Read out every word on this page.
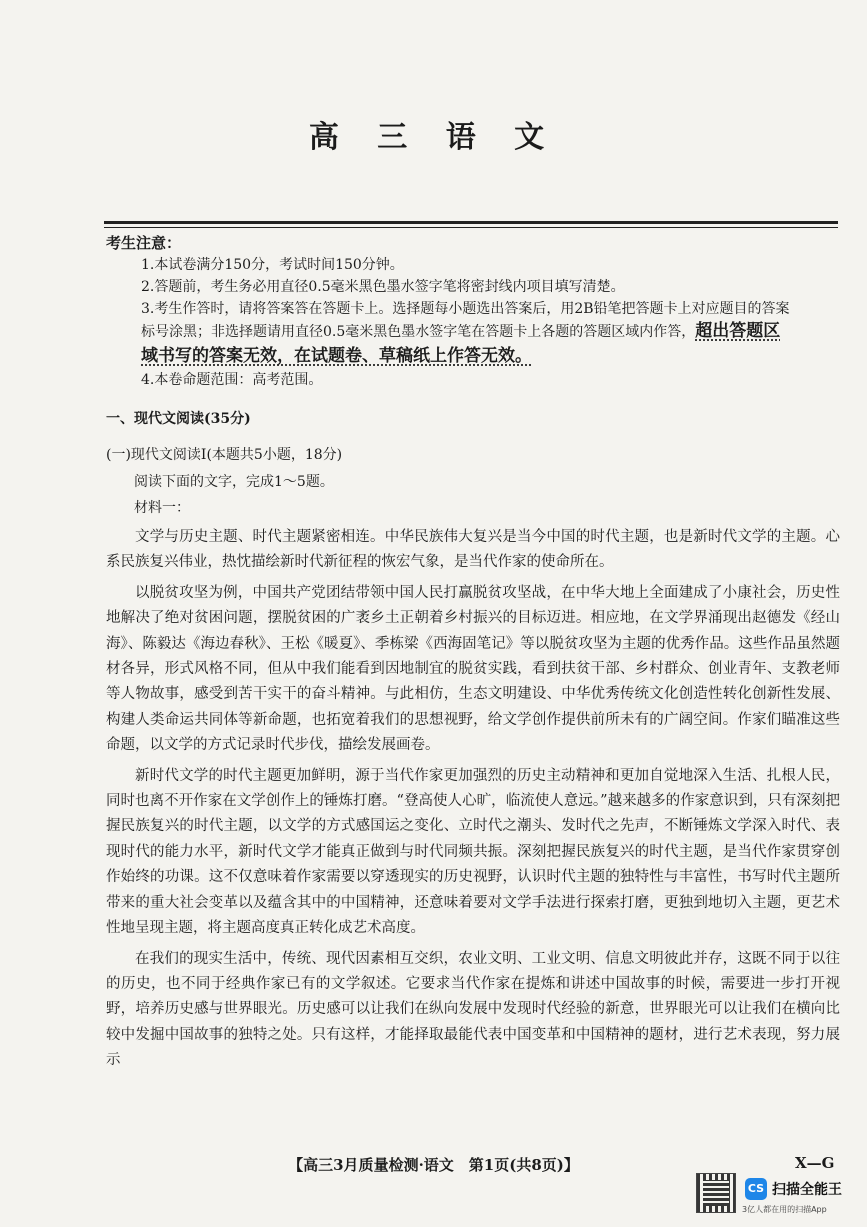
高 三 语 文
考生注意：
1.本试卷满分150分，考试时间150分钟。
2.答题前，考生务必用直径0.5毫米黑色墨水签字笔将密封线内项目填写清楚。
3.考生作答时，请将答案答在答题卡上。选择题每小题选出答案后，用2B铅笔把答题卡上对应题目的答案
标号涂黑；非选择题请用直径0.5毫米黑色墨水签字笔在答题卡上各题的答题区域内作答，超出答题区
域书写的答案无效，在试题卷、草稿纸上作答无效。
4.本卷命题范围：高考范围。
一、现代文阅读(35分)
(一)现代文阅读Ⅰ(本题共5小题，18分)
阅读下面的文字，完成1～5题。
材料一：

文学与历史主题、时代主题紧密相连。中华民族伟大复兴是当今中国的时代主题，也是新时代文学的主题。心系民族复兴伟业，热忱描绘新时代新征程的恢宏气象，是当代作家的使命所在。

以脱贫攻坚为例，中国共产党团结带领中国人民打赢脱贫攻坚战，在中华大地上全面建成了小康社会，历史性地解决了绝对贫困问题，摆脱贫困的广袤乡土正朝着乡村振兴的目标迈进。相应地，在文学界涌现出赵德发《经山海》、陈毅达《海边春秋》、王松《暖夏》、季栋梁《西海固笔记》等以脱贫攻坚为主题的优秀作品。这些作品虽然题材各异，形式风格不同，但从中我们能看到因地制宜的脱贫实践，看到扶贫干部、乡村群众、创业青年、支教老师等人物故事，感受到苦干实干的奋斗精神。与此相仿，生态文明建设、中华优秀传统文化创造性转化创新性发展、构建人类命运共同体等新命题，也拓宽着我们的思想视野，给文学创作提供前所未有的广阔空间。作家们瞄准这些命题，以文学的方式记录时代步伐，描绘发展画卷。

新时代文学的时代主题更加鲜明，源于当代作家更加强烈的历史主动精神和更加自觉地深入生活、扎根人民，同时也离不开作家在文学创作上的锤炼打磨。“登高使人心旷，临流使人意远。”越来越多的作家意识到，只有深刻把握民族复兴的时代主题，以文学的方式感国运之变化、立时代之潮头、发时代之先声，不断锤炼文学深入时代、表现时代的能力水平，新时代文学才能真正做到与时代同频共振。深刻把握民族复兴的时代主题，是当代作家贯穿创作始终的功课。这不仅意味着作家需要以穿透现实的历史视野，认识时代主题的独特性与丰富性，书写时代主题所带来的重大社会变革以及蕴含其中的中国精神，还意味着要对文学手法进行探索打磨，更独到地切入主题，更艺术性地呈现主题，将主题高度真正转化成艺术高度。

在我们的现实生活中，传统、现代因素相互交织，农业文明、工业文明、信息文明彼此并存，这既不同于以往的历史，也不同于经典作家已有的文学叙述。它要求当代作家在提炼和讲述中国故事的时候，需要进一步打开视野，培养历史感与世界眼光。历史感可以让我们在纵向发展中发现时代经验的新意，世界眼光可以让我们在横向比较中发掘中国故事的独特之处。只有这样，才能择取最能代表中国变革和中国精神的题材，进行艺术表现，努力展示

【高三3月质量检测·语文　第1页(共8页)】	X—G
CS 扫描全能王
3亿人都在用的扫描App
